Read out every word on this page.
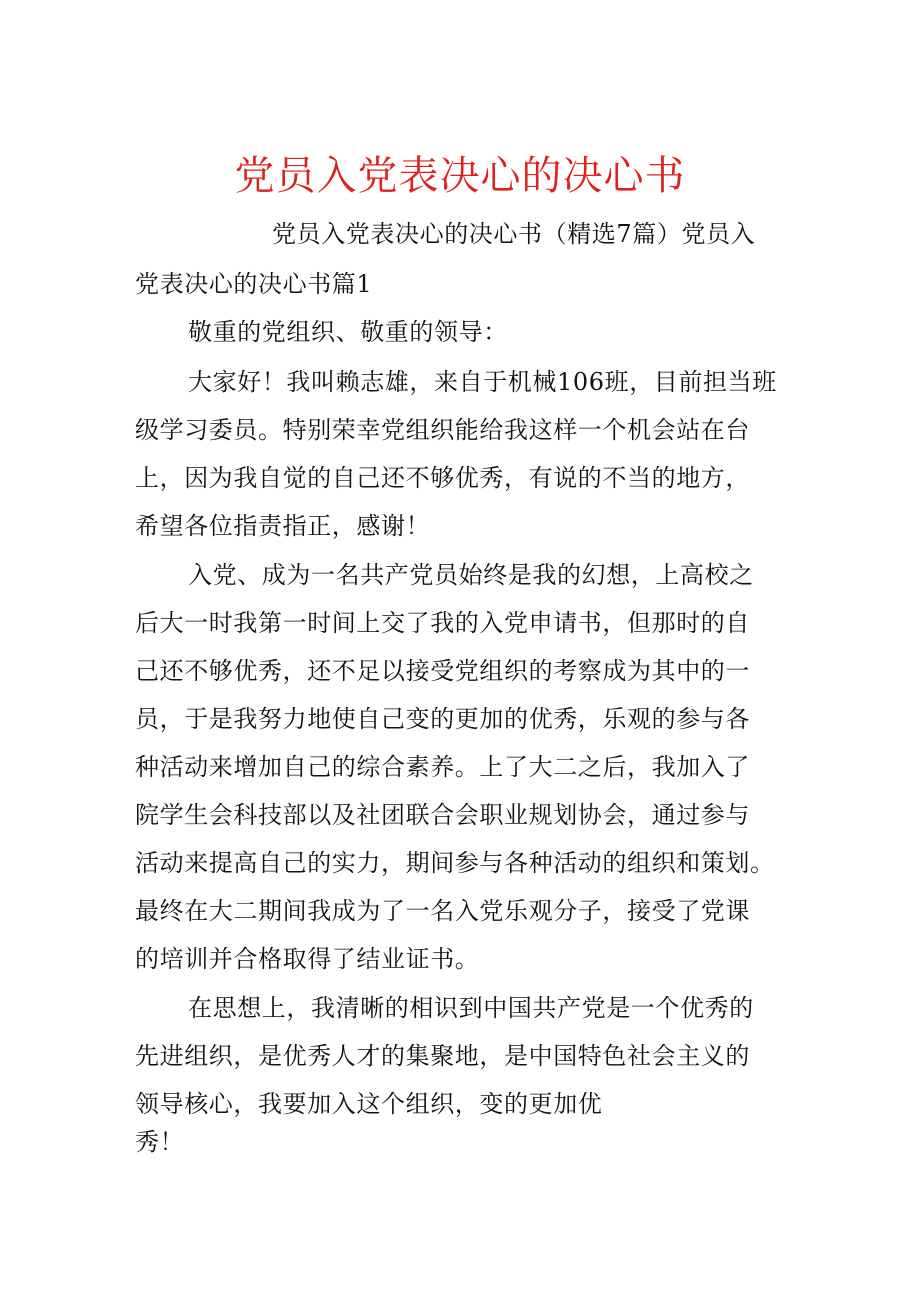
党员入党表决心的决心书
党员入党表决心的决心书（精选7篇）党员入
党表决心的决心书篇1
敬重的党组织、敬重的领导：
大家好！我叫赖志雄，来自于机械106班，目前担当班
级学习委员。特别荣幸党组织能给我这样一个机会站在台
上，因为我自觉的自己还不够优秀，有说的不当的地方，
希望各位指责指正，感谢！
入党、成为一名共产党员始终是我的幻想，上高校之
后大一时我第一时间上交了我的入党申请书，但那时的自
己还不够优秀，还不足以接受党组织的考察成为其中的一
员，于是我努力地使自己变的更加的优秀，乐观的参与各
种活动来增加自己的综合素养。上了大二之后，我加入了
院学生会科技部以及社团联合会职业规划协会，通过参与
活动来提高自己的实力，期间参与各种活动的组织和策划。
最终在大二期间我成为了一名入党乐观分子，接受了党课
的培训并合格取得了结业证书。
在思想上，我清晰的相识到中国共产党是一个优秀的
先进组织，是优秀人才的集聚地，是中国特色社会主义的
领导核心，我要加入这个组织，变的更加优
秀！
